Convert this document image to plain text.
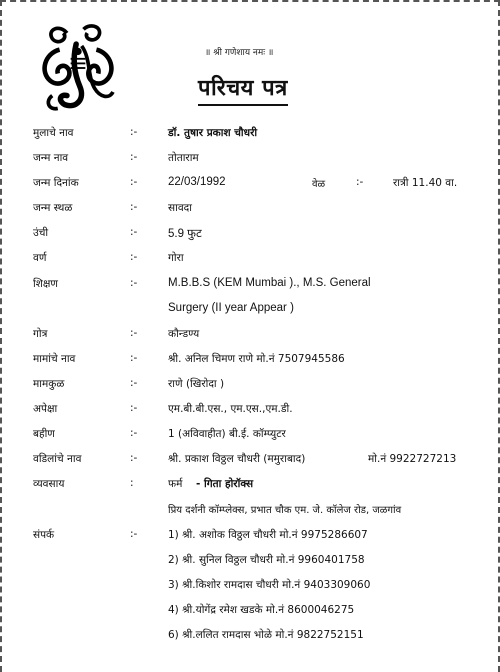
॥ श्री गणेशाय नमः ॥
परिचय पत्र
मुलाचे नाव	:-	डॉ. तुषार प्रकाश चौधरी
जन्म नाव	:-	तोताराम
जन्म दिनांक	:-	22/03/1992	वेळ	:-	रात्री 11.40 वा.
जन्म स्थळ	:-	सावदा
उंची	:-	5.9 फुट
वर्ण	:-	गोरा
शिक्षण	:-	M.B.B.S (KEM Mumbai )., M.S. General
Surgery (II year Appear )
गोत्र	:-	कौन्डण्य
मामांचे नाव	:-	श्री. अनिल चिमण राणे मो.नं 7507945586
मामकुळ	:-	राणे (खिरोदा )
अपेक्षा	:-	एम.बी.बी.एस., एम.एस.,एम.डी.
बहीण	:-	1 (अविवाहीत) बी.ई. कॉम्प्युटर
वडिलांचे नाव	:-	श्री. प्रकाश विठ्ठल चौधरी (ममुराबाद)	मो.नं 9922727213
व्यवसाय	:	फर्म - गिता होरॉक्स
प्रिय दर्शनी कॉम्प्लेक्स, प्रभात चौक एम. जे. कॉलेज रोड, जळगांव
संपर्क	:-	1) श्री. अशोक विठ्ठल चौधरी मो.नं 9975286607
2) श्री. सुनिल विठ्ठल चौधरी मो.नं 9960401758
3) श्री.किशोर रामदास चौधरी मो.नं 9403309060
4) श्री.योगेंद्र रमेश खडके मो.नं 8600046275
6) श्री.ललित रामदास भोळे मो.नं 9822752151
